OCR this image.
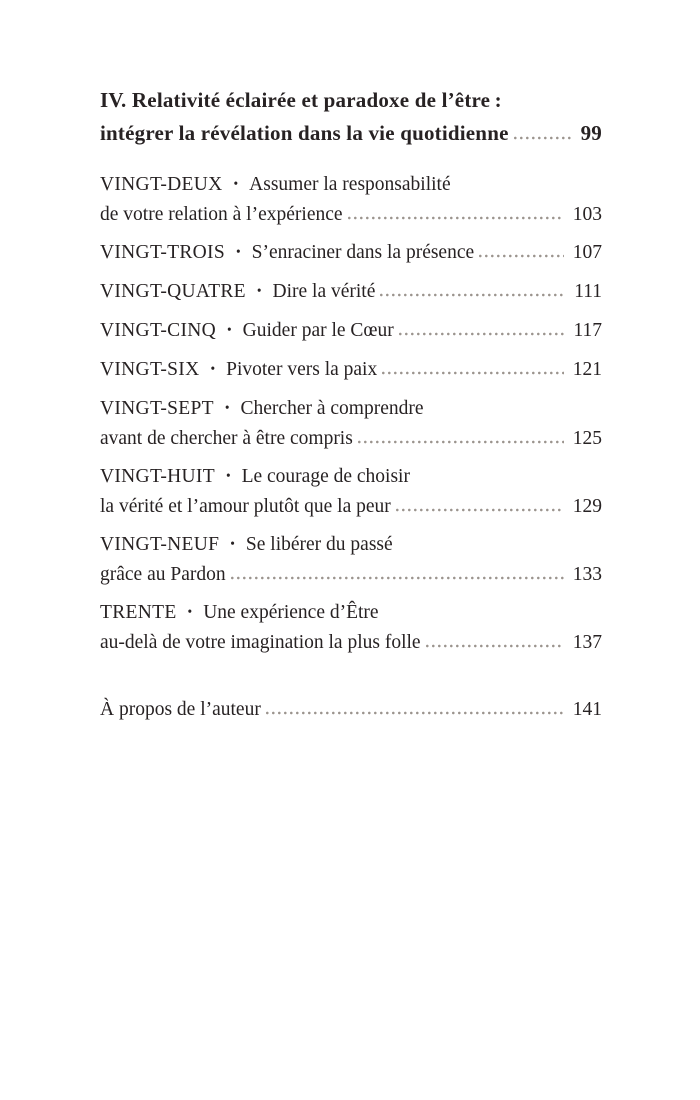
IV. Relativité éclairée et paradoxe de l’être :
intégrer la révélation dans la vie quotidienne	99
VINGT-DEUX • Assumer la responsabilité
de votre relation à l’expérience	103
VINGT-TROIS • S’enraciner dans la présence	107
VINGT-QUATRE • Dire la vérité	111
VINGT-CINQ • Guider par le Cœur	117
VINGT-SIX • Pivoter vers la paix	121
VINGT-SEPT • Chercher à comprendre
avant de chercher à être compris	125
VINGT-HUIT • Le courage de choisir
la vérité et l’amour plutôt que la peur	129
VINGT-NEUF • Se libérer du passé
grâce au Pardon	133
TRENTE • Une expérience d’Être
au-delà de votre imagination la plus folle	137
À propos de l’auteur	141
